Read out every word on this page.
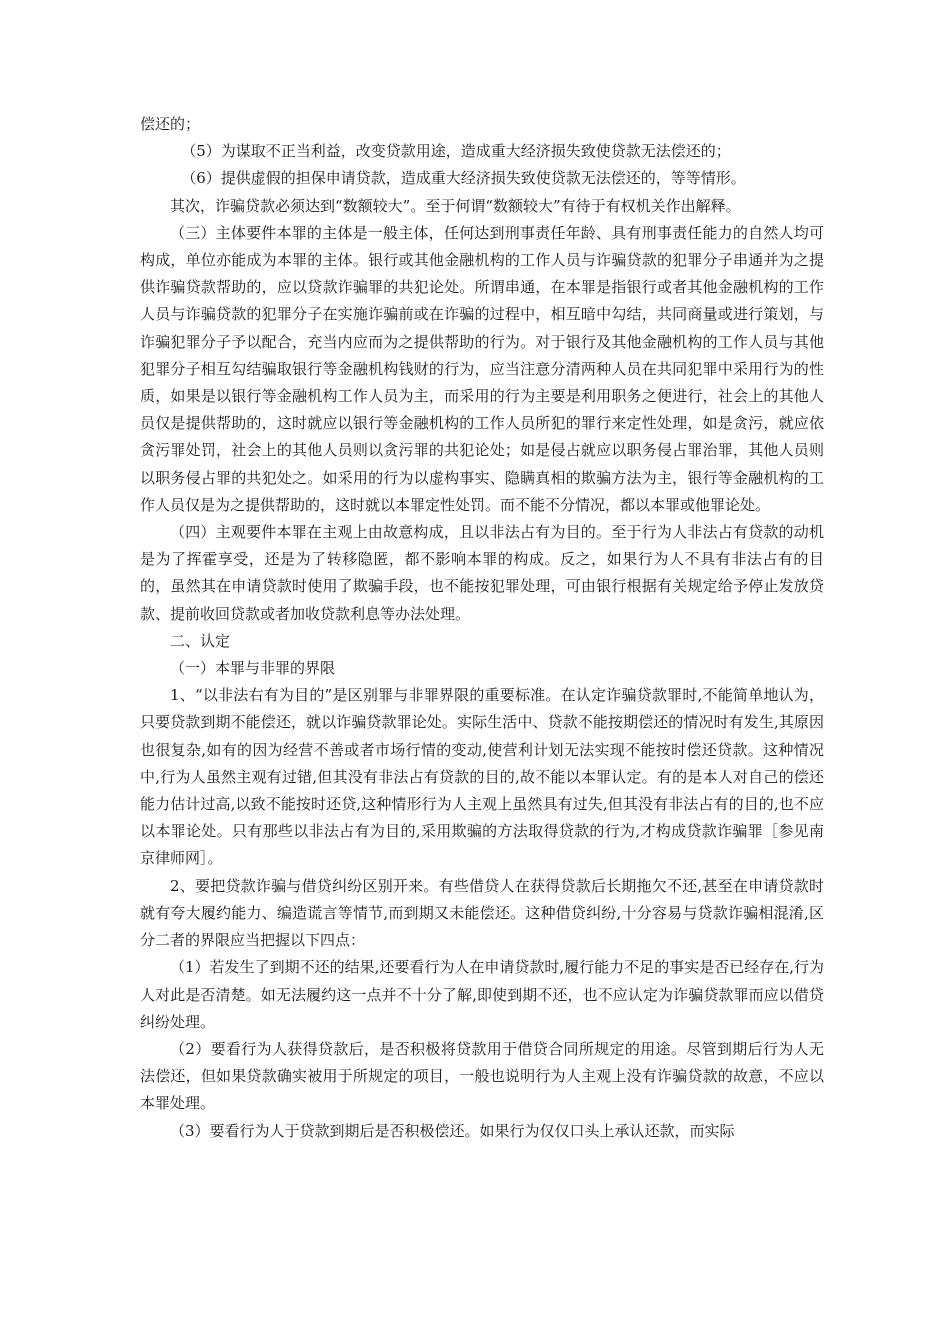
偿还的；

（5）为谋取不正当利益，改变贷款用途，造成重大经济损失致使贷款无法偿还的；

（6）提供虚假的担保申请贷款，造成重大经济损失致使贷款无法偿还的，等等情形。

其次，诈骗贷款必须达到“数额较大”。至于何谓“数额较大”有待于有权机关作出解释。

（三）主体要件本罪的主体是一般主体，任何达到刑事责任年龄、具有刑事责任能力的自然人均可构成，单位亦能成为本罪的主体。银行或其他金融机构的工作人员与诈骗贷款的犯罪分子串通并为之提供诈骗贷款帮助的，应以贷款诈骗罪的共犯论处。所谓串通，在本罪是指银行或者其他金融机构的工作人员与诈骗贷款的犯罪分子在实施诈骗前或在诈骗的过程中，相互暗中勾结，共同商量或进行策划，与诈骗犯罪分子予以配合，充当内应而为之提供帮助的行为。对于银行及其他金融机构的工作人员与其他犯罪分子相互勾结骗取银行等金融机构钱财的行为，应当注意分清两种人员在共同犯罪中采用行为的性质，如果是以银行等金融机构工作人员为主，而采用的行为主要是利用职务之便进行，社会上的其他人员仅是提供帮助的，这时就应以银行等金融机构的工作人员所犯的罪行来定性处理，如是贪污，就应依贪污罪处罚，社会上的其他人员则以贪污罪的共犯论处；如是侵占就应以职务侵占罪治罪，其他人员则以职务侵占罪的共犯处之。如采用的行为以虚构事实、隐瞒真相的欺骗方法为主，银行等金融机构的工作人员仅是为之提供帮助的，这时就以本罪定性处罚。而不能不分情况，都以本罪或他罪论处。

（四）主观要件本罪在主观上由故意构成，且以非法占有为目的。至于行为人非法占有贷款的动机是为了挥霍享受，还是为了转移隐匿，都不影响本罪的构成。反之，如果行为人不具有非法占有的目的，虽然其在申请贷款时使用了欺骗手段，也不能按犯罪处理，可由银行根据有关规定给予停止发放贷款、提前收回贷款或者加收贷款利息等办法处理。

二、认定

（一）本罪与非罪的界限

1、“以非法右有为目的”是区别罪与非罪界限的重要标准。在认定诈骗贷款罪时,不能简单地认为，只要贷款到期不能偿还，就以诈骗贷款罪论处。实际生活中、贷款不能按期偿还的情况时有发生,其原因也很复杂,如有的因为经营不善或者市场行情的变动,使营利计划无法实现不能按时偿还贷款。这种情况中,行为人虽然主观有过错,但其没有非法占有贷款的目的,故不能以本罪认定。有的是本人对自己的偿还能力估计过高,以致不能按时还贷,这种情形行为人主观上虽然具有过失,但其没有非法占有的目的,也不应以本罪论处。只有那些以非法占有为目的,采用欺骗的方法取得贷款的行为,才构成贷款诈骗罪［参见南京律师网］。

2、要把贷款诈骗与借贷纠纷区别开来。有些借贷人在获得贷款后长期拖欠不还,甚至在申请贷款时就有夸大履约能力、编造谎言等情节,而到期又未能偿还。这种借贷纠纷,十分容易与贷款诈骗相混淆,区分二者的界限应当把握以下四点：

（1）若发生了到期不还的结果,还要看行为人在申请贷款时,履行能力不足的事实是否已经存在,行为人对此是否清楚。如无法履约这一点并不十分了解,即使到期不还，也不应认定为诈骗贷款罪而应以借贷纠纷处理。

（2）要看行为人获得贷款后，是否积极将贷款用于借贷合同所规定的用途。尽管到期后行为人无法偿还，但如果贷款确实被用于所规定的项目，一般也说明行为人主观上没有诈骗贷款的故意，不应以本罪处理。

（3）要看行为人于贷款到期后是否积极偿还。如果行为仅仅口头上承认还款，而实际
